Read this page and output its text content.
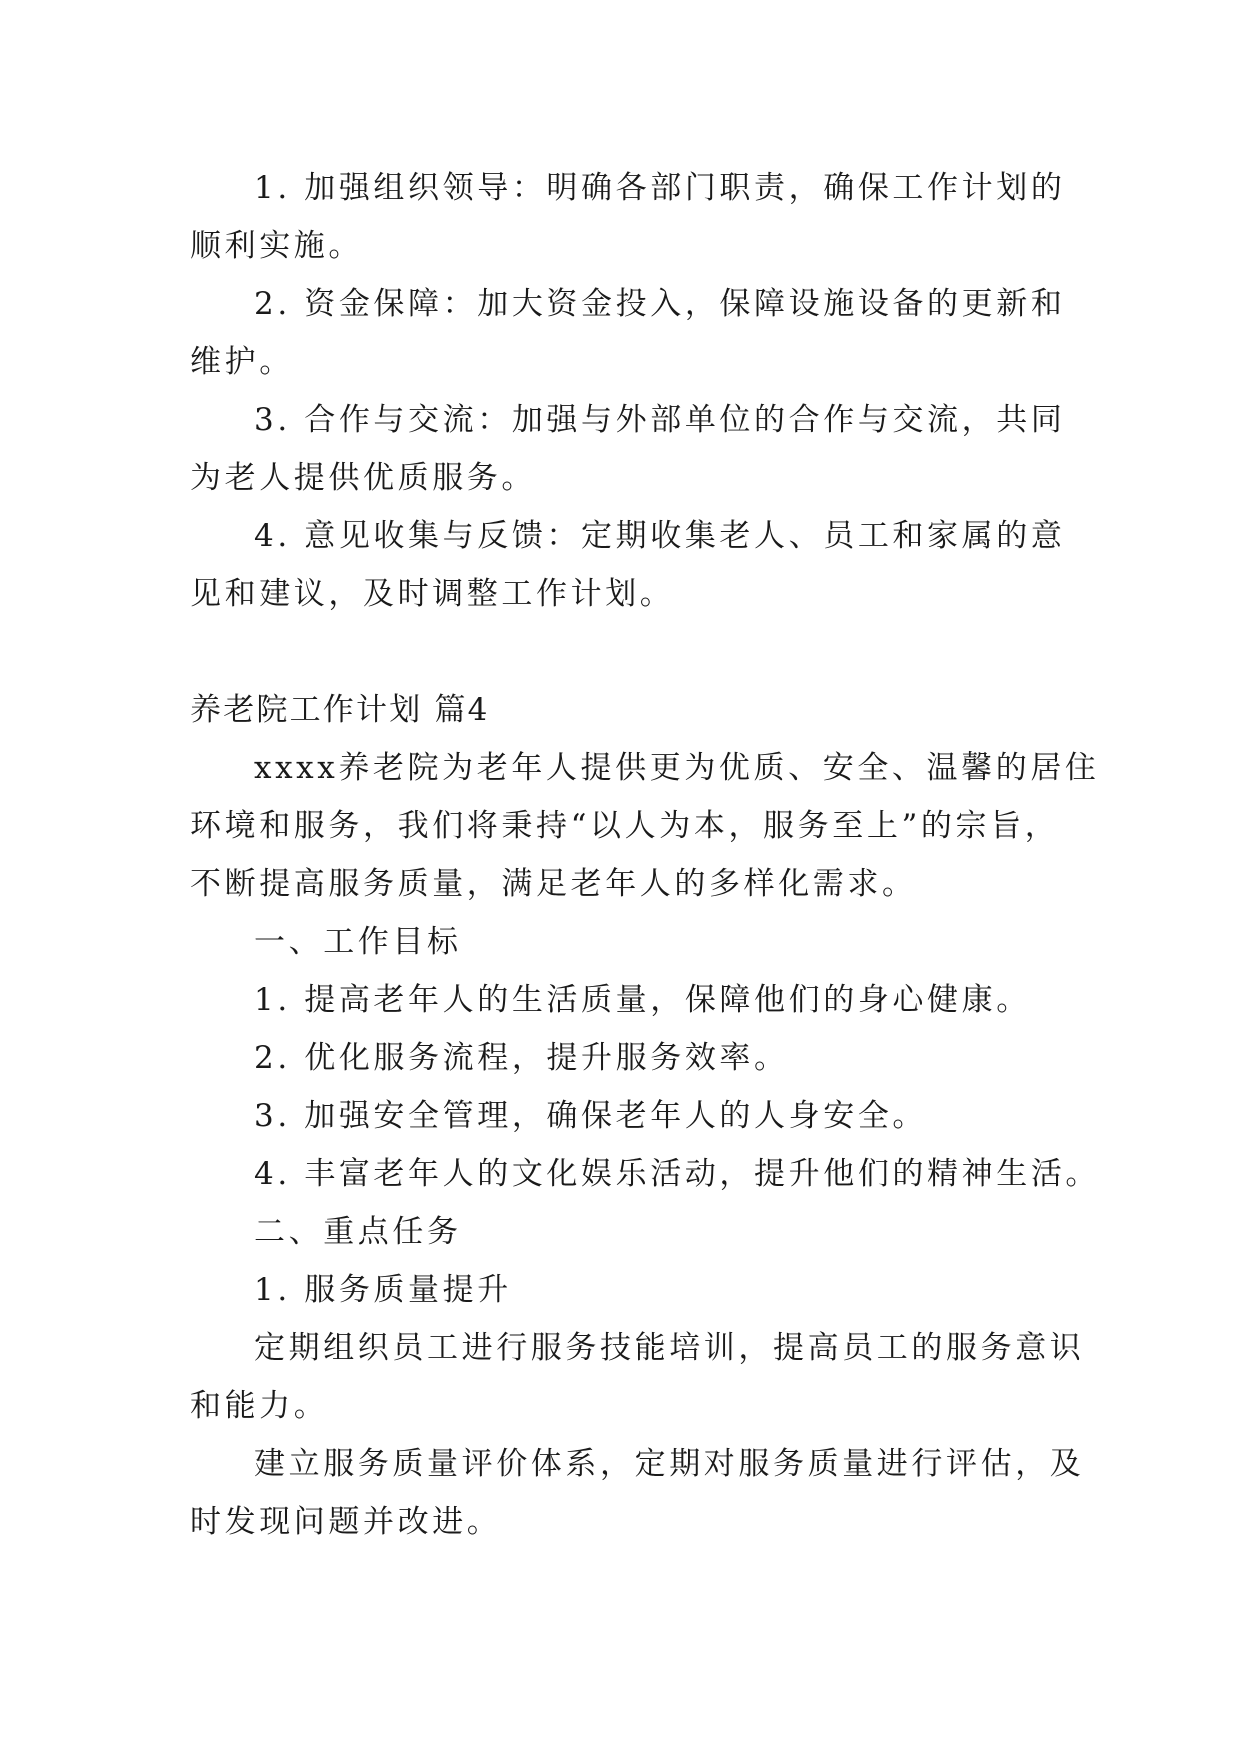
1. 加强组织领导：明确各部门职责，确保工作计划的

顺利实施。

2. 资金保障：加大资金投入，保障设施设备的更新和

维护。

3. 合作与交流：加强与外部单位的合作与交流，共同

为老人提供优质服务。

4. 意见收集与反馈：定期收集老人、员工和家属的意

见和建议，及时调整工作计划。

养老院工作计划 篇4

xxxx养老院为老年人提供更为优质、安全、温馨的居住

环境和服务，我们将秉持“以人为本，服务至上”的宗旨，

不断提高服务质量，满足老年人的多样化需求。

一、工作目标

1. 提高老年人的生活质量，保障他们的身心健康。

2. 优化服务流程，提升服务效率。

3. 加强安全管理，确保老年人的人身安全。

4. 丰富老年人的文化娱乐活动，提升他们的精神生活。

二、重点任务

1. 服务质量提升

定期组织员工进行服务技能培训，提高员工的服务意识

和能力。

建立服务质量评价体系，定期对服务质量进行评估，及

时发现问题并改进。
